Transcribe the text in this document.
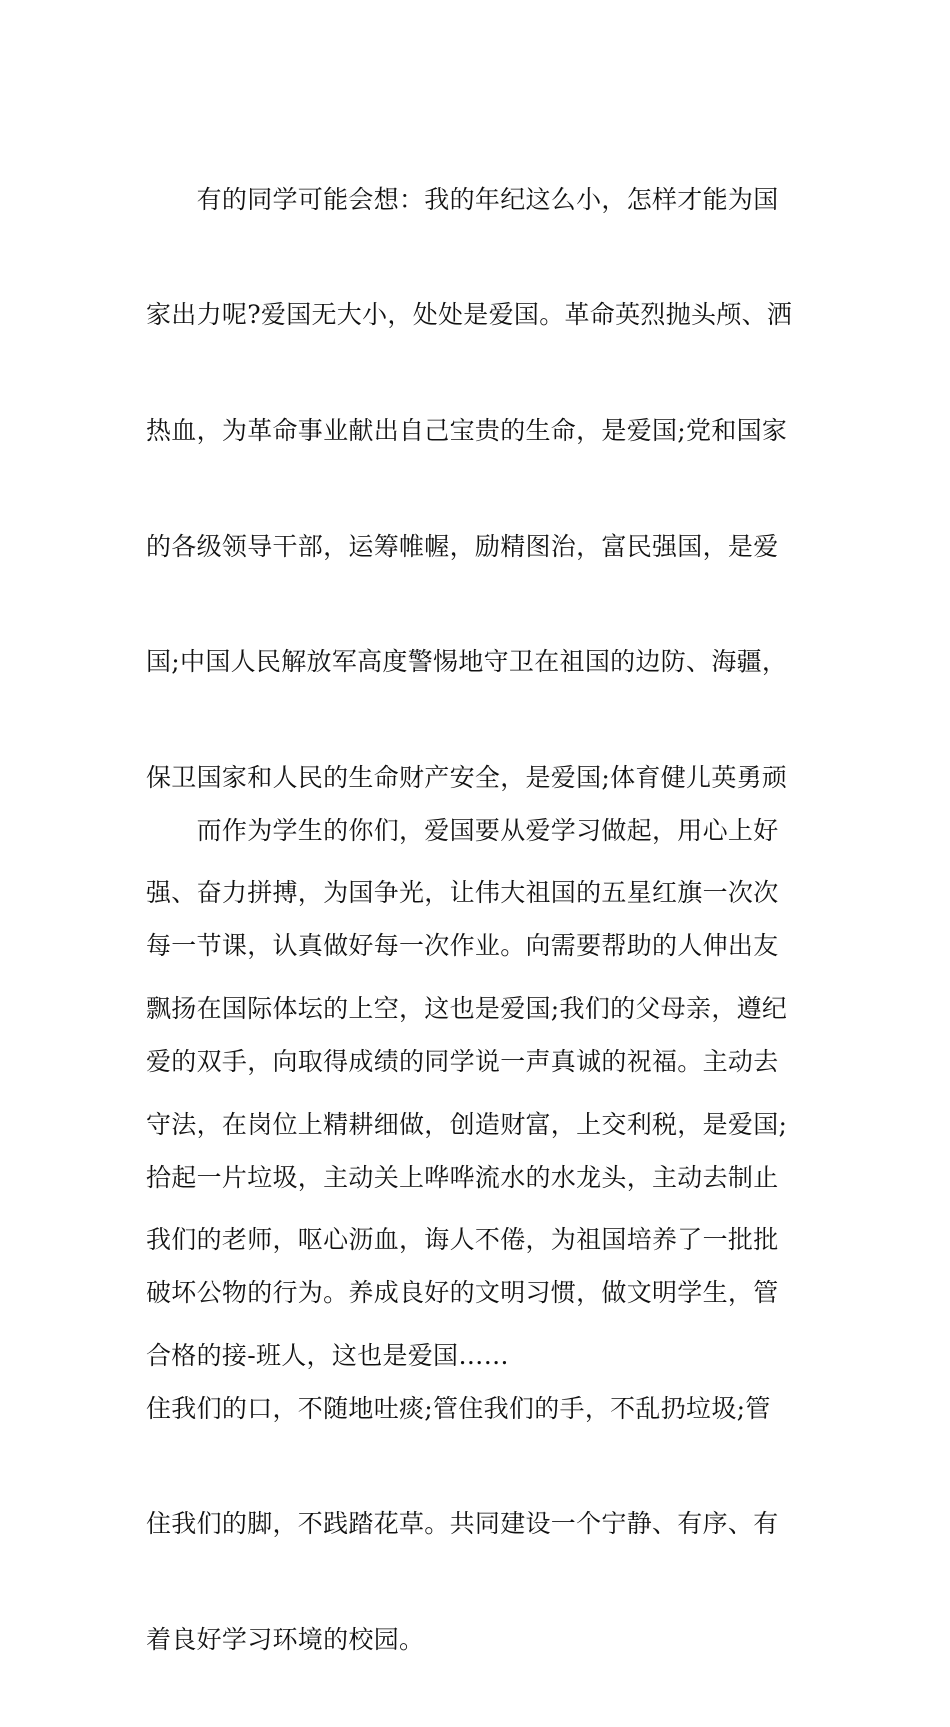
　　有的同学可能会想：我的年纪这么小，怎样才能为国

家出力呢?爱国无大小，处处是爱国。革命英烈抛头颅、洒

热血，为革命事业献出自己宝贵的生命，是爱国;党和国家

的各级领导干部，运筹帷幄，励精图治，富民强国，是爱

国;中国人民解放军高度警惕地守卫在祖国的边防、海疆，

保卫国家和人民的生命财产安全，是爱国;体育健儿英勇顽

强、奋力拼搏，为国争光，让伟大祖国的五星红旗一次次

飘扬在国际体坛的上空，这也是爱国;我们的父母亲，遵纪

守法，在岗位上精耕细做，创造财富，上交利税，是爱国;

我们的老师，呕心沥血，诲人不倦，为祖国培养了一批批

合格的接-班人，这也是爱国……

　　而作为学生的你们，爱国要从爱学习做起，用心上好

每一节课，认真做好每一次作业。向需要帮助的人伸出友

爱的双手，向取得成绩的同学说一声真诚的祝福。主动去

拾起一片垃圾，主动关上哗哗流水的水龙头，主动去制止

破坏公物的行为。养成良好的文明习惯，做文明学生，管

住我们的口，不随地吐痰;管住我们的手，不乱扔垃圾;管

住我们的脚，不践踏花草。共同建设一个宁静、有序、有

着良好学习环境的校园。
